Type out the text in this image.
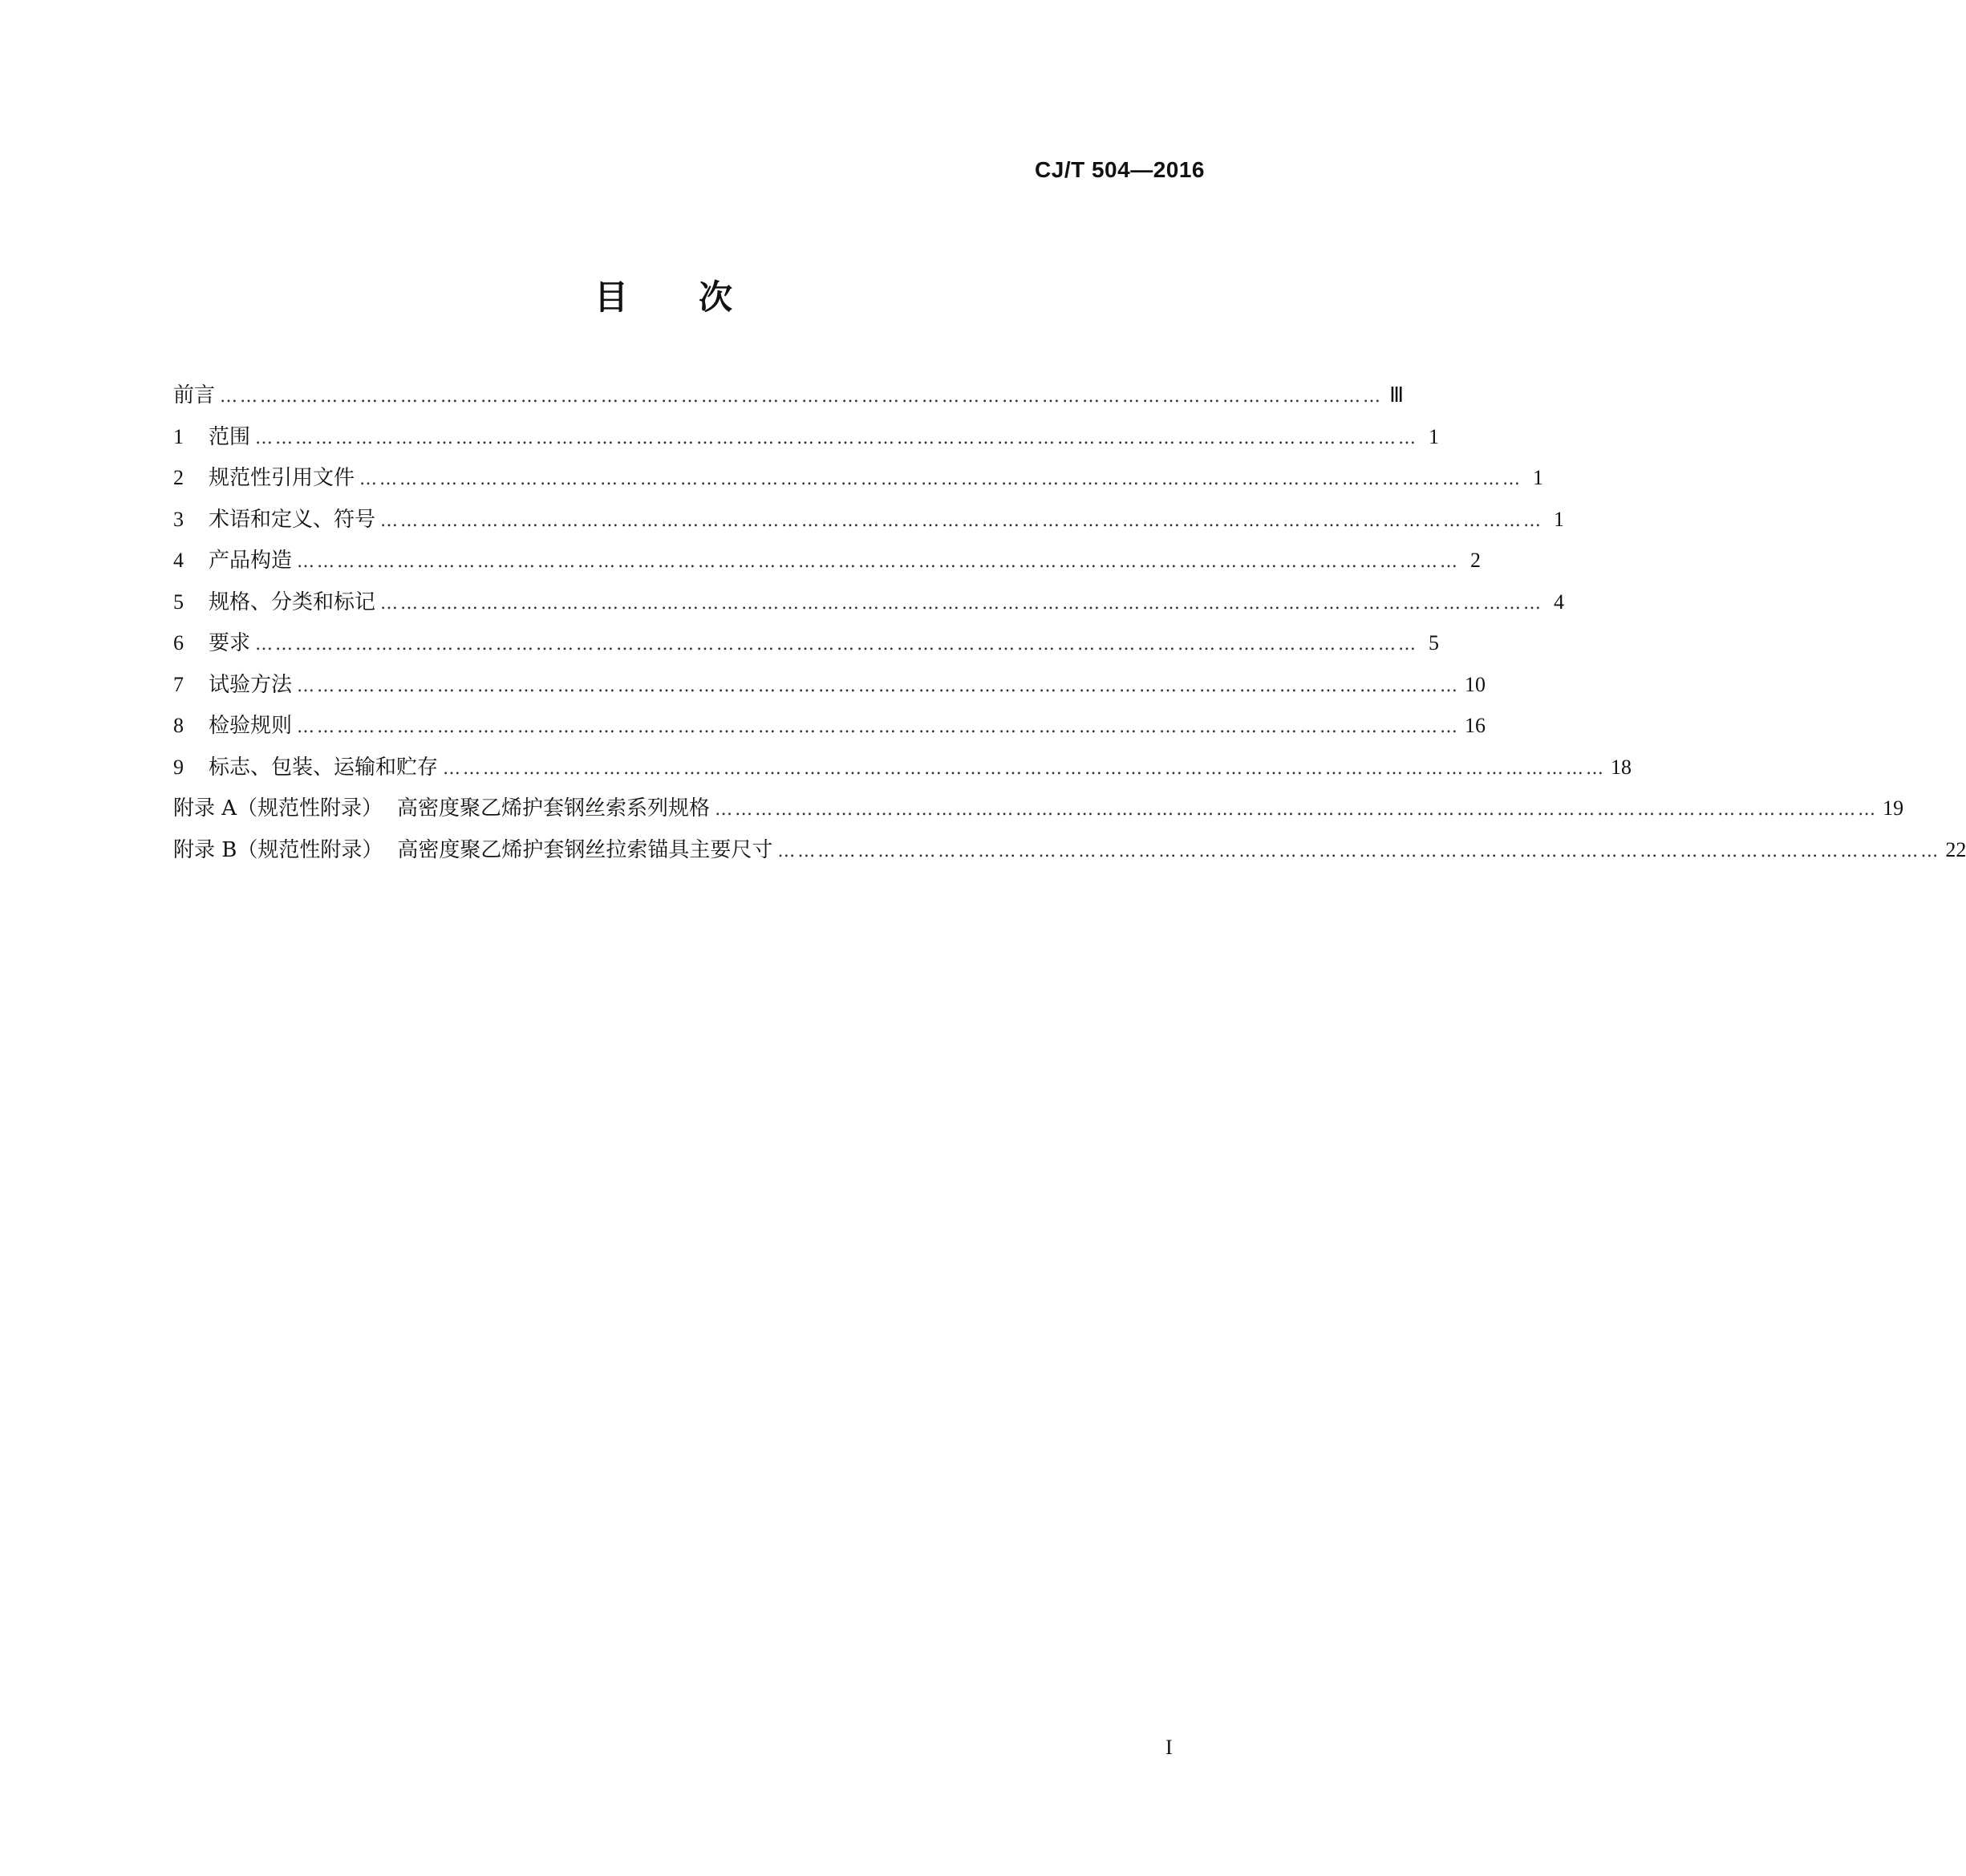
CJ/T 504—2016
目次
前言 ………………………………………………………………………………………………………………………………………………………… Ⅲ
1	范围 ………………………………………………………………………………………………………………………………………………………… 1
2	规范性引用文件 ………………………………………………………………………………………………………………………………………………………… 1
3	术语和定义、符号 ………………………………………………………………………………………………………………………………………………………… 1
4	产品构造 ………………………………………………………………………………………………………………………………………………………… 2
5	规格、分类和标记 ………………………………………………………………………………………………………………………………………………………… 4
6	要求 ………………………………………………………………………………………………………………………………………………………… 5
7	试验方法 ………………………………………………………………………………………………………………………………………………………… 10
8	检验规则 ………………………………………………………………………………………………………………………………………………………… 16
9	标志、包装、运输和贮存 ………………………………………………………………………………………………………………………………………………………… 18
附录 A（规范性附录） 高密度聚乙烯护套钢丝索系列规格 ………………………………………………………………………………………………………………………………………………………… 19
附录 B（规范性附录） 高密度聚乙烯护套钢丝拉索锚具主要尺寸 ………………………………………………………………………………………………………………………………………………………… 22
I
